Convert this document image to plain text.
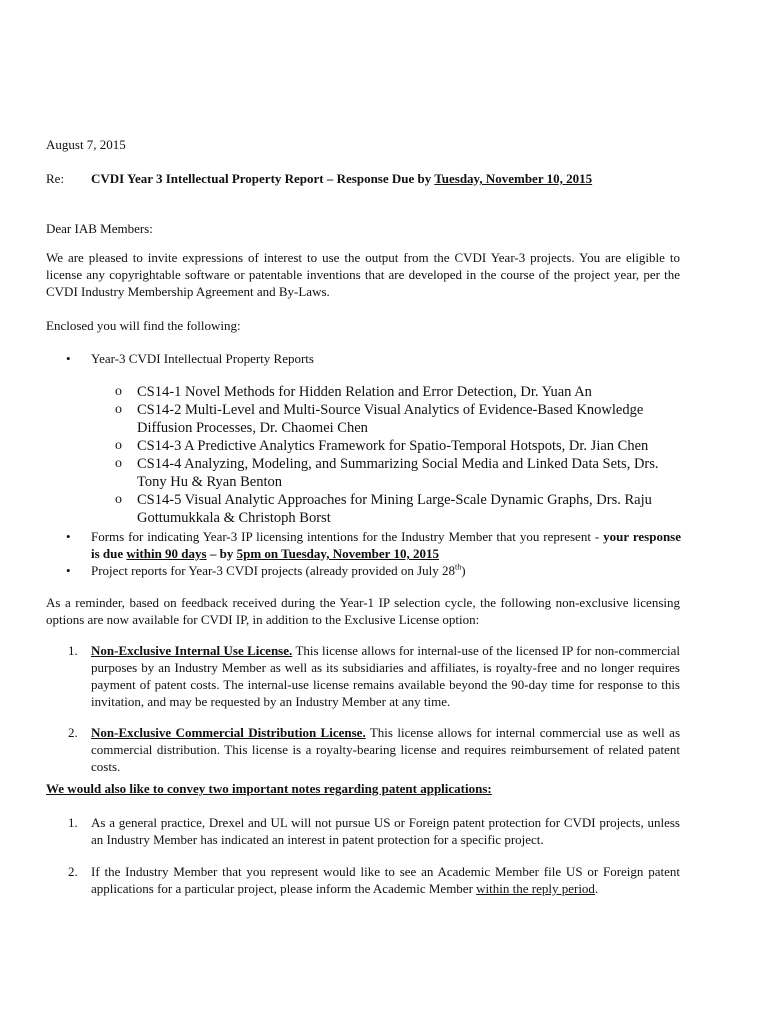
August 7, 2015

Re: CVDI Year 3 Intellectual Property Report – Response Due by Tuesday, November 10, 2015

Dear IAB Members:

We are pleased to invite expressions of interest to use the output from the CVDI Year-3 projects. You are eligible to license any copyrightable software or patentable inventions that are developed in the course of the project year, per the CVDI Industry Membership Agreement and By-Laws.

Enclosed you will find the following:

• Year-3 CVDI Intellectual Property Reports

o CS14-1 Novel Methods for Hidden Relation and Error Detection, Dr. Yuan An

o CS14-2 Multi-Level and Multi-Source Visual Analytics of Evidence-Based Knowledge Diffusion Processes, Dr. Chaomei Chen

o CS14-3 A Predictive Analytics Framework for Spatio-Temporal Hotspots, Dr. Jian Chen

o CS14-4 Analyzing, Modeling, and Summarizing Social Media and Linked Data Sets, Drs. Tony Hu & Ryan Benton

o CS14-5 Visual Analytic Approaches for Mining Large-Scale Dynamic Graphs, Drs. Raju Gottumukkala & Christoph Borst

• Forms for indicating Year-3 IP licensing intentions for the Industry Member that you represent - your response is due within 90 days – by 5pm on Tuesday, November 10, 2015

• Project reports for Year-3 CVDI projects (already provided on July 28th)

As a reminder, based on feedback received during the Year-1 IP selection cycle, the following non-exclusive licensing options are now available for CVDI IP, in addition to the Exclusive License option:

1. Non-Exclusive Internal Use License. This license allows for internal-use of the licensed IP for non-commercial purposes by an Industry Member as well as its subsidiaries and affiliates, is royalty-free and no longer requires payment of patent costs. The internal-use license remains available beyond the 90-day time for response to this invitation, and may be requested by an Industry Member at any time.

2. Non-Exclusive Commercial Distribution License. This license allows for internal commercial use as well as commercial distribution. This license is a royalty-bearing license and requires reimbursement of related patent costs.

We would also like to convey two important notes regarding patent applications:

1. As a general practice, Drexel and UL will not pursue US or Foreign patent protection for CVDI projects, unless an Industry Member has indicated an interest in patent protection for a specific project.

2. If the Industry Member that you represent would like to see an Academic Member file US or Foreign patent applications for a particular project, please inform the Academic Member within the reply period.
